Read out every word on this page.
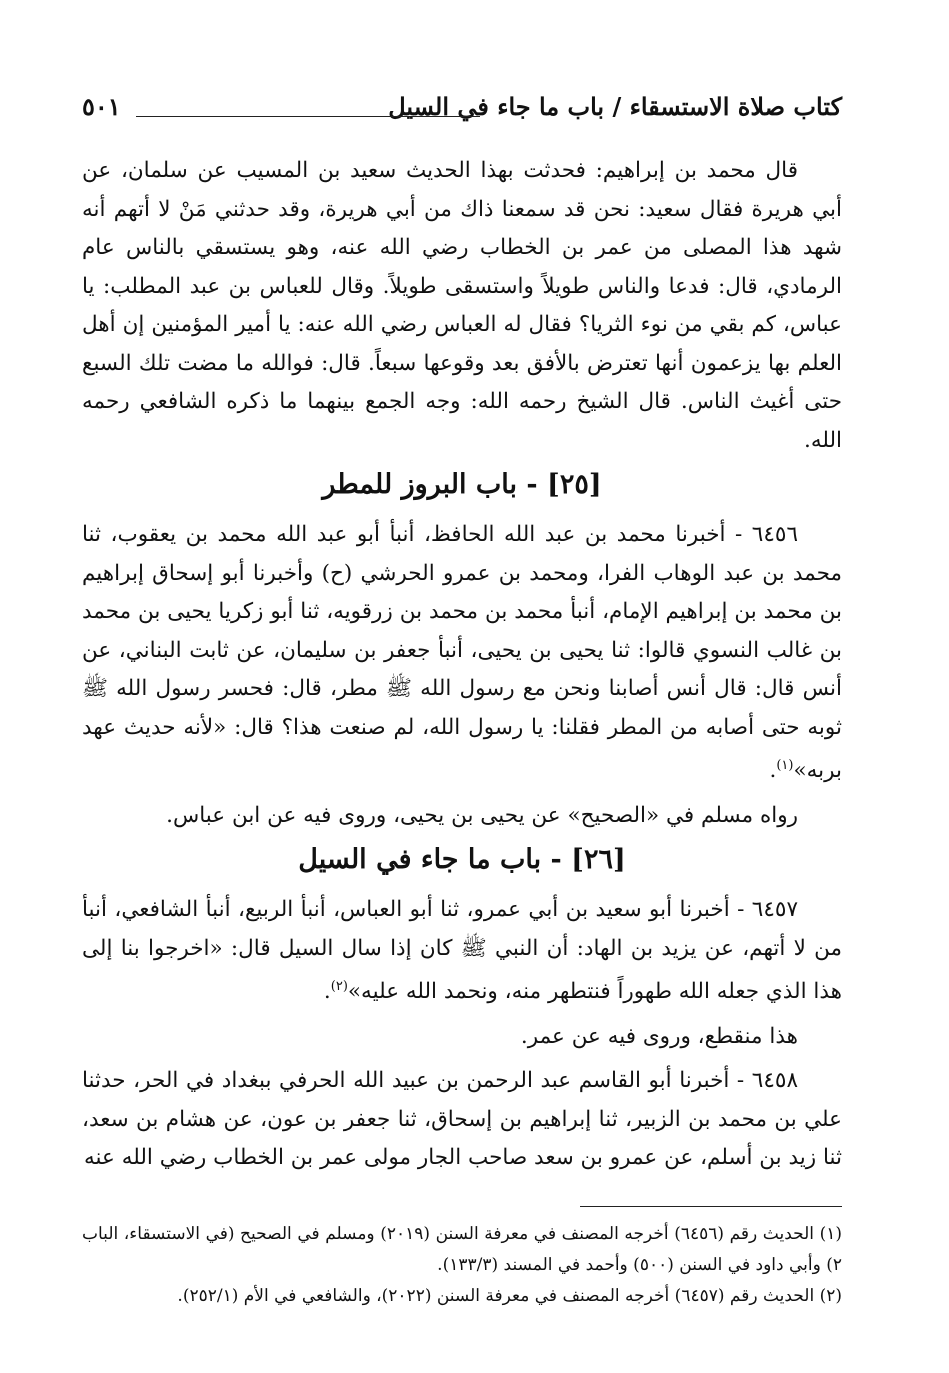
كتاب صلاة الاستسقاء / باب ما جاء في السيل
٥٠١

قال محمد بن إبراهيم: فحدثت بهذا الحديث سعيد بن المسيب عن سلمان، عن أبي هريرة فقال سعيد: نحن قد سمعنا ذاك من أبي هريرة، وقد حدثني مَنْ لا أتهم أنه شهد هذا المصلى من عمر بن الخطاب رضي الله عنه، وهو يستسقي بالناس عام الرمادي، قال: فدعا والناس طويلاً واستسقى طويلاً. وقال للعباس بن عبد المطلب: يا عباس، كم بقي من نوء الثريا؟ فقال له العباس رضي الله عنه: يا أمير المؤمنين إن أهل العلم بها يزعمون أنها تعترض بالأفق بعد وقوعها سبعاً. قال: فوالله ما مضت تلك السبع حتى أغيث الناس. قال الشيخ رحمه الله: وجه الجمع بينهما ما ذكره الشافعي رحمه الله.

[٢٥] - باب البروز للمطر

٦٤٥٦ - أخبرنا محمد بن عبد الله الحافظ، أنبأ أبو عبد الله محمد بن يعقوب، ثنا محمد بن عبد الوهاب الفرا، ومحمد بن عمرو الحرشي (ح) وأخبرنا أبو إسحاق إبراهيم بن محمد بن إبراهيم الإمام، أنبأ محمد بن محمد بن زرقويه، ثنا أبو زكريا يحيى بن محمد بن غالب النسوي قالوا: ثنا يحيى بن يحيى، أنبأ جعفر بن سليمان، عن ثابت البناني، عن أنس قال: قال أنس أصابنا ونحن مع رسول الله ﷺ مطر، قال: فحسر رسول الله ﷺ ثوبه حتى أصابه من المطر فقلنا: يا رسول الله، لم صنعت هذا؟ قال: «لأنه حديث عهد بربه»$^{(١)}$.

رواه مسلم في «الصحيح» عن يحيى بن يحيى، وروى فيه عن ابن عباس.

[٢٦] - باب ما جاء في السيل

٦٤٥٧ - أخبرنا أبو سعيد بن أبي عمرو، ثنا أبو العباس، أنبأ الربيع، أنبأ الشافعي، أنبأ من لا أتهم، عن يزيد بن الهاد: أن النبي ﷺ كان إذا سال السيل قال: «اخرجوا بنا إلى هذا الذي جعله الله طهوراً فنتطهر منه، ونحمد الله عليه»$^{(٢)}$.

هذا منقطع، وروى فيه عن عمر.

٦٤٥٨ - أخبرنا أبو القاسم عبد الرحمن بن عبيد الله الحرفي ببغداد في الحر، حدثنا علي بن محمد بن الزبير، ثنا إبراهيم بن إسحاق، ثنا جعفر بن عون، عن هشام بن سعد، ثنا زيد بن أسلم، عن عمرو بن سعد صاحب الجار مولى عمر بن الخطاب رضي الله عنه

(١) الحديث رقم (٦٤٥٦) أخرجه المصنف في معرفة السنن (٢٠١٩) ومسلم في الصحيح (في الاستسقاء، الباب ٢) وأبي داود في السنن (٥٠٠) وأحمد في المسند (١٣٣/٣).

(٢) الحديث رقم (٦٤٥٧) أخرجه المصنف في معرفة السنن (٢٠٢٢)، والشافعي في الأم (٢٥٢/١).
